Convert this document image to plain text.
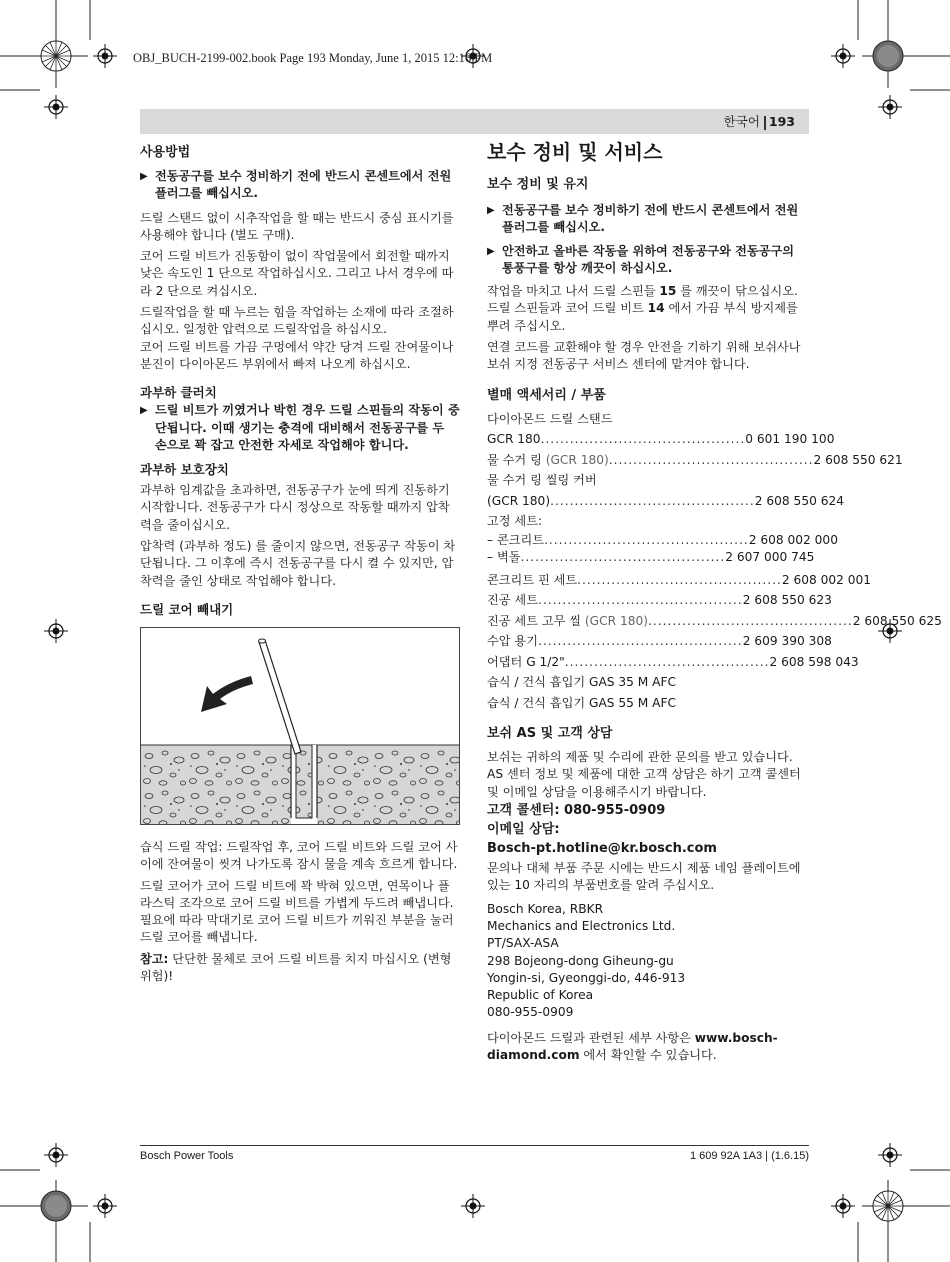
OBJ_BUCH-2199-002.book Page 193 Monday, June 1, 2015 12:16 PM
한국어 193
사용방법
▶ 전동공구를 보수 정비하기 전에 반드시 콘센트에서 전원 플러그를 빼십시오.

드릴 스탠드 없이 시추작업을 할 때는 반드시 중심 표시기를 사용해야 합니다 (별도 구매).

코어 드릴 비트가 진동함이 없이 작업물에서 회전할 때까지 낮은 속도인 1 단으로 작업하십시오. 그리고 나서 경우에 따라 2 단으로 켜십시오.

드릴작업을 할 때 누르는 힘을 작업하는 소재에 따라 조절하십시오. 일정한 압력으로 드릴작업을 하십시오.

코어 드릴 비트를 가끔 구멍에서 약간 당겨 드릴 잔여물이나 분진이 다이아몬드 부위에서 빠져 나오게 하십시오.

과부하 클러치
▶ 드릴 비트가 끼였거나 박힌 경우 드릴 스핀들의 작동이 중단됩니다. 이때 생기는 충격에 대비해서 전동공구를 두 손으로 꽉 잡고 안전한 자세로 작업해야 합니다.
과부하 보호장치

과부하 임계값을 초과하면, 전동공구가 눈에 띄게 진동하기 시작합니다. 전동공구가 다시 정상으로 작동할 때까지 압착력을 줄이십시오.

압착력 (과부하 정도) 를 줄이지 않으면, 전동공구 작동이 차단됩니다. 그 이후에 즉시 전동공구를 다시 켤 수 있지만, 압착력을 줄인 상태로 작업해야 합니다.

드릴 코어 빼내기

습식 드릴 작업: 드릴작업 후, 코어 드릴 비트와 드릴 코어 사이에 잔여물이 씻겨 나가도록 잠시 물을 계속 흐르게 합니다.

드릴 코어가 코어 드릴 비트에 꽉 박혀 있으면, 연목이나 플라스틱 조각으로 코어 드릴 비트를 가볍게 두드려 빼냅니다. 필요에 따라 막대기로 코어 드릴 비트가 끼워진 부분을 눌러 드릴 코어를 빼냅니다.

참고: 단단한 물체로 코어 드릴 비트를 치지 마십시오 (변형 위험)!

보수 정비 및 서비스
보수 정비 및 유지
▶ 전동공구를 보수 정비하기 전에 반드시 콘센트에서 전원 플러그를 빼십시오.
▶ 안전하고 올바른 작동을 위하여 전동공구와 전동공구의 통풍구를 항상 깨끗이 하십시오.

작업을 마치고 나서 드릴 스핀들 15 를 깨끗이 닦으십시오. 드릴 스핀들과 코어 드릴 비트 14 에서 가끔 부식 방지제를 뿌려 주십시오.

연결 코드를 교환해야 할 경우 안전을 기하기 위해 보쉬사나 보쉬 지정 전동공구 서비스 센터에 맡겨야 합니다.

별매 액세서리 / 부품
다이아몬드 드릴 스탠드
GCR 180 .......................................... 0 601 190 100
물 수거 링 (GCR 180) .......................................... 2 608 550 621
물 수거 링 씰링 커버
(GCR 180) .......................................... 2 608 550 624
고정 세트:
– 콘크리트 .......................................... 2 608 002 000
– 벽돌 .......................................... 2 607 000 745
콘크리트 핀 세트 .......................................... 2 608 002 001
진공 세트 .......................................... 2 608 550 623
진공 세트 고무 씰 (GCR 180) .......................................... 2 608 550 625
수압 용기 .......................................... 2 609 390 308
어댑터 G 1/2" .......................................... 2 608 598 043
습식 / 건식 흡입기 GAS 35 M AFC
습식 / 건식 흡입기 GAS 55 M AFC
보쉬 AS 및 고객 상담

보쉬는 귀하의 제품 및 수리에 관한 문의를 받고 있습니다.

AS 센터 정보 및 제품에 대한 고객 상담은 하기 고객 콜센터 및 이메일 상담을 이용해주시기 바랍니다.

고객 콜센터: 080-955-0909

이메일 상담:

Bosch-pt.hotline@kr.bosch.com

문의나 대체 부품 주문 시에는 반드시 제품 네임 플레이트에 있는 10 자리의 부품번호를 알려 주십시오.

Bosch Korea, RBKR

Mechanics and Electronics Ltd.

PT/SAX-ASA

298 Bojeong-dong Giheung-gu

Yongin-si, Gyeonggi-do, 446-913

Republic of Korea

080-955-0909

다이아몬드 드릴과 관련된 세부 사항은 www.bosch- diamond.com 에서 확인할 수 있습니다.

Bosch Power Tools	1 609 92A 1A3 | (1.6.15)
